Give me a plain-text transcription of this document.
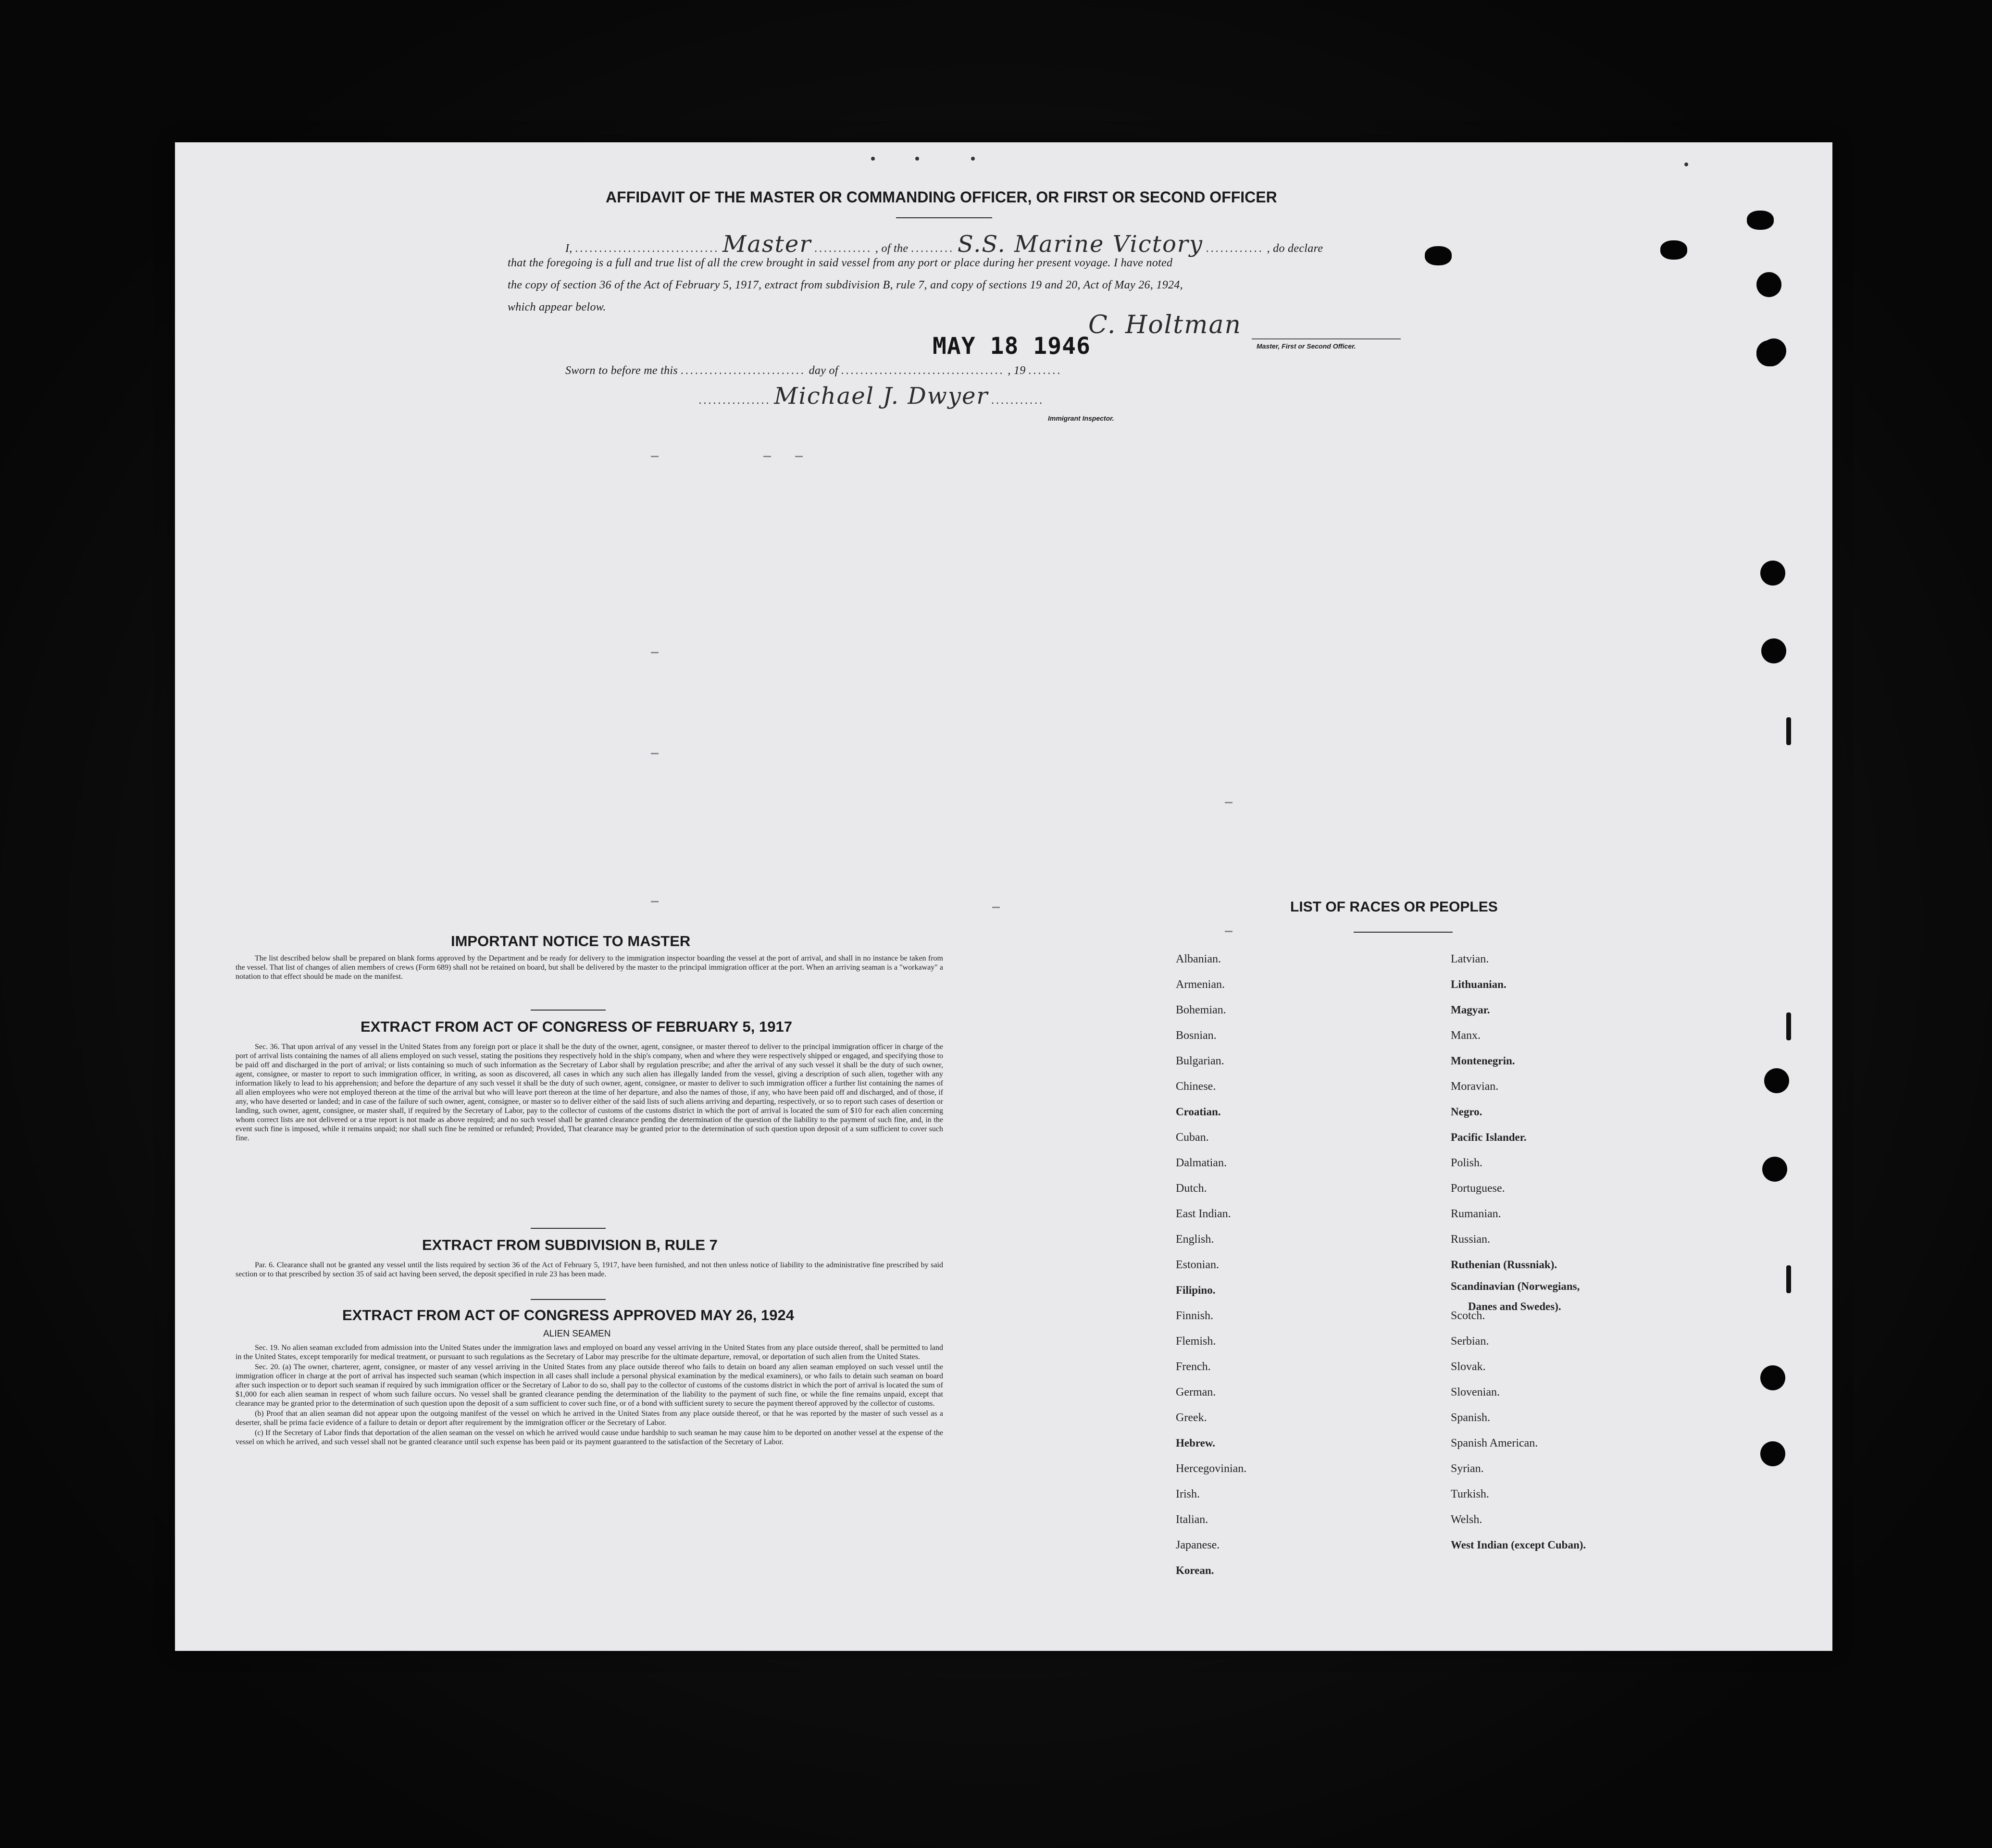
AFFIDAVIT OF THE MASTER OR COMMANDING OFFICER, OR FIRST OR SECOND OFFICER
I, .............................. Master ............ , of the ......... S.S. Marine Victory ............ , do declare
that the foregoing is a full and true list of all the crew brought in said vessel from any port or place during her present voyage. I have noted
the copy of section 36 of the Act of February 5, 1917, extract from subdivision B, rule 7, and copy of sections 19 and 20, Act of May 26, 1924,
which appear below.
C. Holtman
Master, First or Second Officer.
MAY 18 1946
Sworn to before me this .......................... day of .................................. , 19 .......
............... Michael J. Dwyer ...........
Immigrant Inspector.
IMPORTANT NOTICE TO MASTER

The list described below shall be prepared on blank forms approved by the Department and be ready for delivery to the immigration inspector boarding the vessel at the port of arrival, and shall in no instance be taken from the vessel. That list of changes of alien members of crews (Form 689) shall not be retained on board, but shall be delivered by the master to the principal immigration officer at the port. When an arriving seaman is a "workaway" a notation to that effect should be made on the manifest.

EXTRACT FROM ACT OF CONGRESS OF FEBRUARY 5, 1917

Sec. 36. That upon arrival of any vessel in the United States from any foreign port or place it shall be the duty of the owner, agent, consignee, or master thereof to deliver to the principal immigration officer in charge of the port of arrival lists containing the names of all aliens employed on such vessel, stating the positions they respectively hold in the ship's company, when and where they were respectively shipped or engaged, and specifying those to be paid off and discharged in the port of arrival; or lists containing so much of such information as the Secretary of Labor shall by regulation prescribe; and after the arrival of any such vessel it shall be the duty of such owner, agent, consignee, or master to report to such immigration officer, in writing, as soon as discovered, all cases in which any such alien has illegally landed from the vessel, giving a description of such alien, together with any information likely to lead to his apprehension; and before the departure of any such vessel it shall be the duty of such owner, agent, consignee, or master to deliver to such immigration officer a further list containing the names of all alien employees who were not employed thereon at the time of the arrival but who will leave port thereon at the time of her departure, and also the names of those, if any, who have been paid off and discharged, and of those, if any, who have deserted or landed; and in case of the failure of such owner, agent, consignee, or master so to deliver either of the said lists of such aliens arriving and departing, respectively, or so to report such cases of desertion or landing, such owner, agent, consignee, or master shall, if required by the Secretary of Labor, pay to the collector of customs of the customs district in which the port of arrival is located the sum of $10 for each alien concerning whom correct lists are not delivered or a true report is not made as above required; and no such vessel shall be granted clearance pending the determination of the question of the liability to the payment of such fine, and, in the event such fine is imposed, while it remains unpaid; nor shall such fine be remitted or refunded; Provided, That clearance may be granted prior to the determination of such question upon deposit of a sum sufficient to cover such fine.

EXTRACT FROM SUBDIVISION B, RULE 7

Par. 6. Clearance shall not be granted any vessel until the lists required by section 36 of the Act of February 5, 1917, have been furnished, and not then unless notice of liability to the administrative fine prescribed by said section or to that prescribed by section 35 of said act having been served, the deposit specified in rule 23 has been made.

EXTRACT FROM ACT OF CONGRESS APPROVED MAY 26, 1924
ALIEN SEAMEN

Sec. 19. No alien seaman excluded from admission into the United States under the immigration laws and employed on board any vessel arriving in the United States from any place outside thereof, shall be permitted to land in the United States, except temporarily for medical treatment, or pursuant to such regulations as the Secretary of Labor may prescribe for the ultimate departure, removal, or deportation of such alien from the United States.

Sec. 20. (a) The owner, charterer, agent, consignee, or master of any vessel arriving in the United States from any place outside thereof who fails to detain on board any alien seaman employed on such vessel until the immigration officer in charge at the port of arrival has inspected such seaman (which inspection in all cases shall include a personal physical examination by the medical examiners), or who fails to detain such seaman on board after such inspection or to deport such seaman if required by such immigration officer or the Secretary of Labor to do so, shall pay to the collector of customs of the customs district in which the port of arrival is located the sum of $1,000 for each alien seaman in respect of whom such failure occurs. No vessel shall be granted clearance pending the determination of the liability to the payment of such fine, or while the fine remains unpaid, except that clearance may be granted prior to the determination of such question upon the deposit of a sum sufficient to cover such fine, or of a bond with sufficient surety to secure the payment thereof approved by the collector of customs.

(b) Proof that an alien seaman did not appear upon the outgoing manifest of the vessel on which he arrived in the United States from any place outside thereof, or that he was reported by the master of such vessel as a deserter, shall be prima facie evidence of a failure to detain or deport after requirement by the immigration officer or the Secretary of Labor.

(c) If the Secretary of Labor finds that deportation of the alien seaman on the vessel on which he arrived would cause undue hardship to such seaman he may cause him to be deported on another vessel at the expense of the vessel on which he arrived, and such vessel shall not be granted clearance until such expense has been paid or its payment guaranteed to the satisfaction of the Secretary of Labor.

LIST OF RACES OR PEOPLES
Albanian.
Armenian.
Bohemian.
Bosnian.
Bulgarian.
Chinese.
Croatian.
Cuban.
Dalmatian.
Dutch.
East Indian.
English.
Estonian.
Filipino.
Finnish.
Flemish.
French.
German.
Greek.
Hebrew.
Hercegovinian.
Irish.
Italian.
Japanese.
Korean.
Latvian.
Lithuanian.
Magyar.
Manx.
Montenegrin.
Moravian.
Negro.
Pacific Islander.
Polish.
Portuguese.
Rumanian.
Russian.
Ruthenian (Russniak).
Scandinavian (Norwegians,
Danes and Swedes).
Scotch.
Serbian.
Slovak.
Slovenian.
Spanish.
Spanish American.
Syrian.
Turkish.
Welsh.
West Indian (except Cuban).
